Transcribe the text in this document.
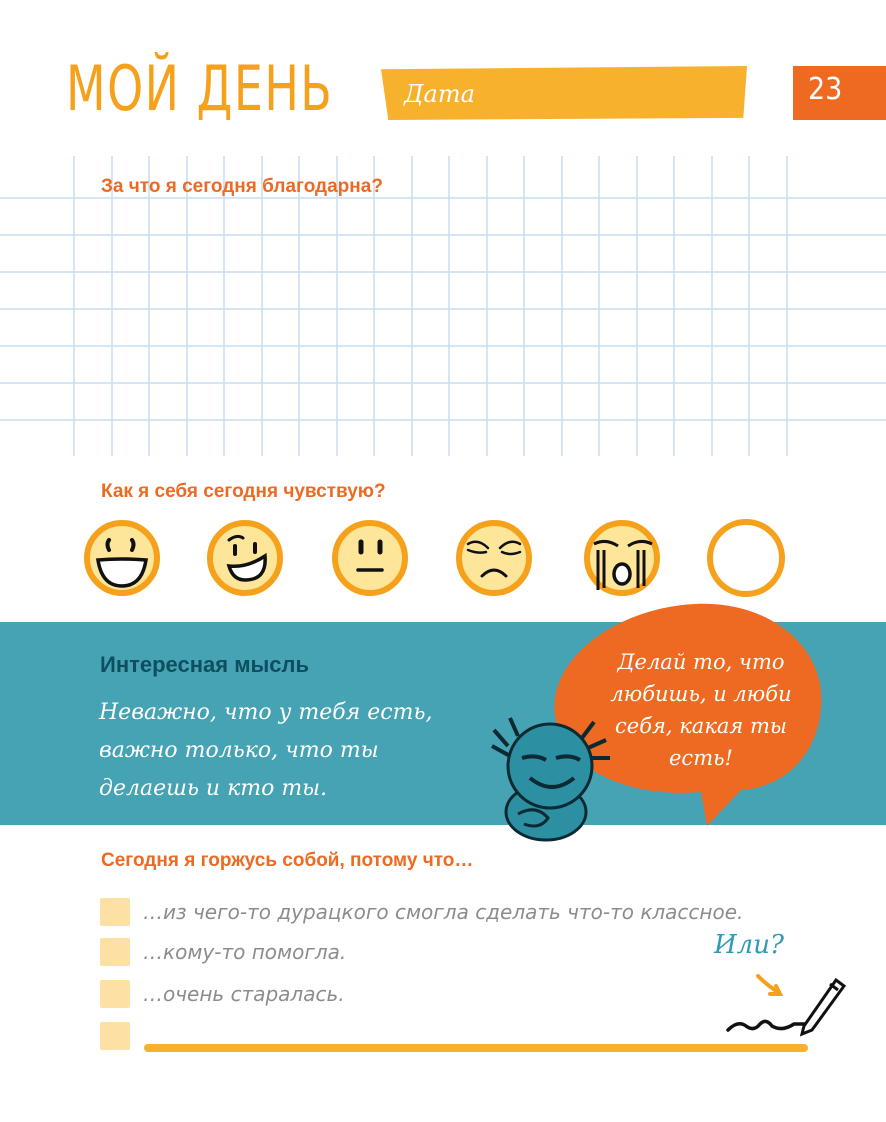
МОЙ ДЕНЬ	Дата	23
За что я сегодня благодарна?
Как я себя сегодня чувствую?
Интересная мысль
Неважно, что у тебя есть, важно только, что ты делаешь и кто ты.
Делай то, что любишь, и люби себя, какая ты есть!
Сегодня я горжусь собой, потому что…
…из чего-то дурацкого смогла сделать что-то классное.
…кому-то помогла.
…очень старалась.
Или?
